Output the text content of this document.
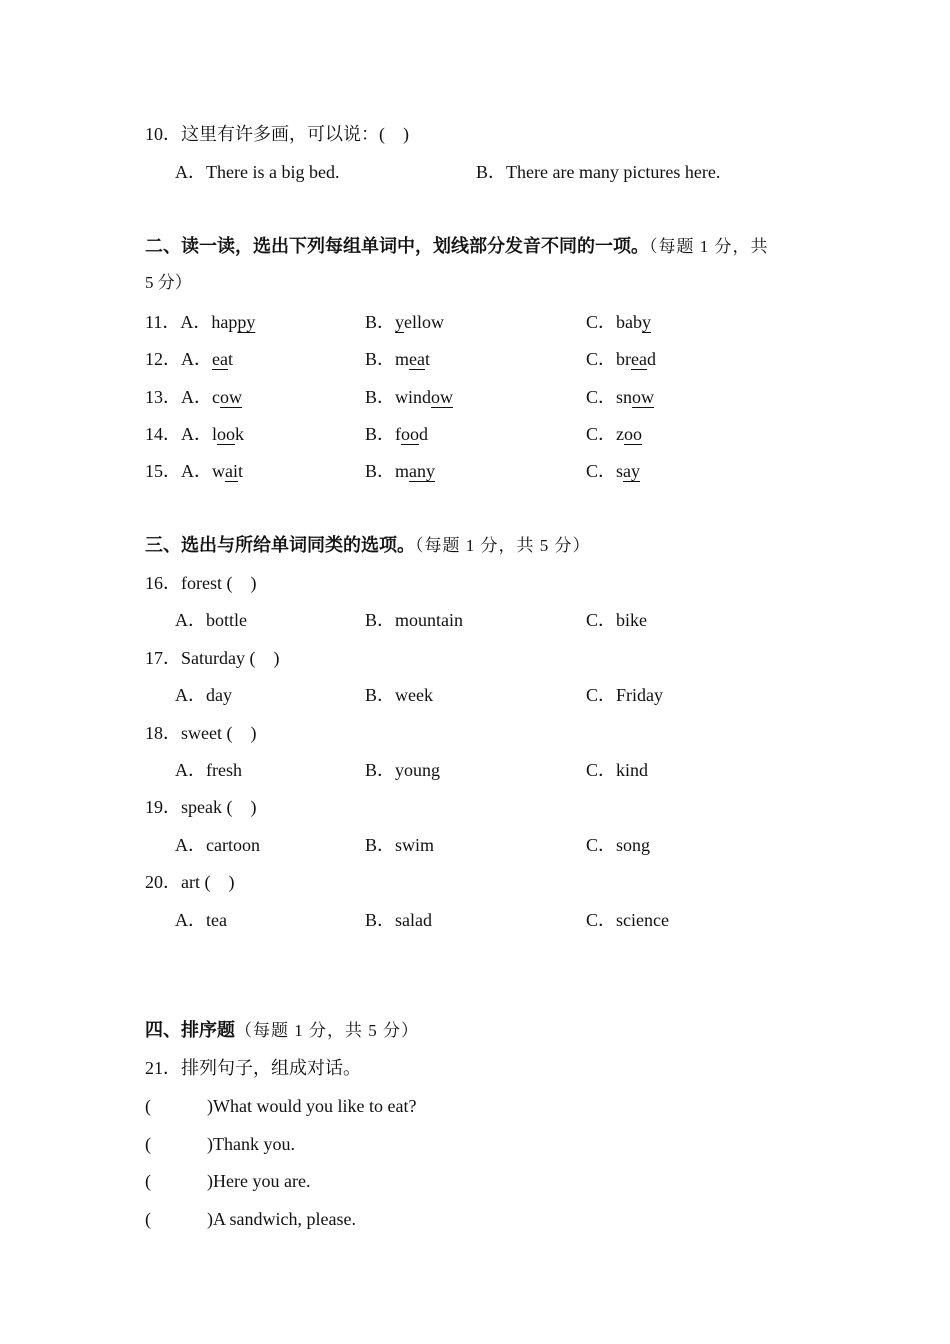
10．这里有许多画，可以说：(　)
A．There is a big bed.	B．There are many pictures here.
二、读一读，选出下列每组单词中，划线部分发音不同的一项。（每题 1 分，共
5 分）
11．A．happy	B．yellow	C．baby
12．A．eat	B．meat	C．bread
13．A．cow	B．window	C．snow
14．A．look	B．food	C．zoo
15．A．wait	B．many	C．say
三、选出与所给单词同类的选项。（每题 1 分，共 5 分）
16．forest (　)
A．bottle	B．mountain	C．bike
17．Saturday (　)
A．day	B．week	C．Friday
18．sweet (　)
A．fresh	B．young	C．kind
19．speak (　)
A．cartoon	B．swim	C．song
20．art (　)
A．tea	B．salad	C．science
四、排序题（每题 1 分，共 5 分）
21．排列句子，组成对话。
(	)What would you like to eat?
(	)Thank you.
(	)Here you are.
(	)A sandwich, please.
